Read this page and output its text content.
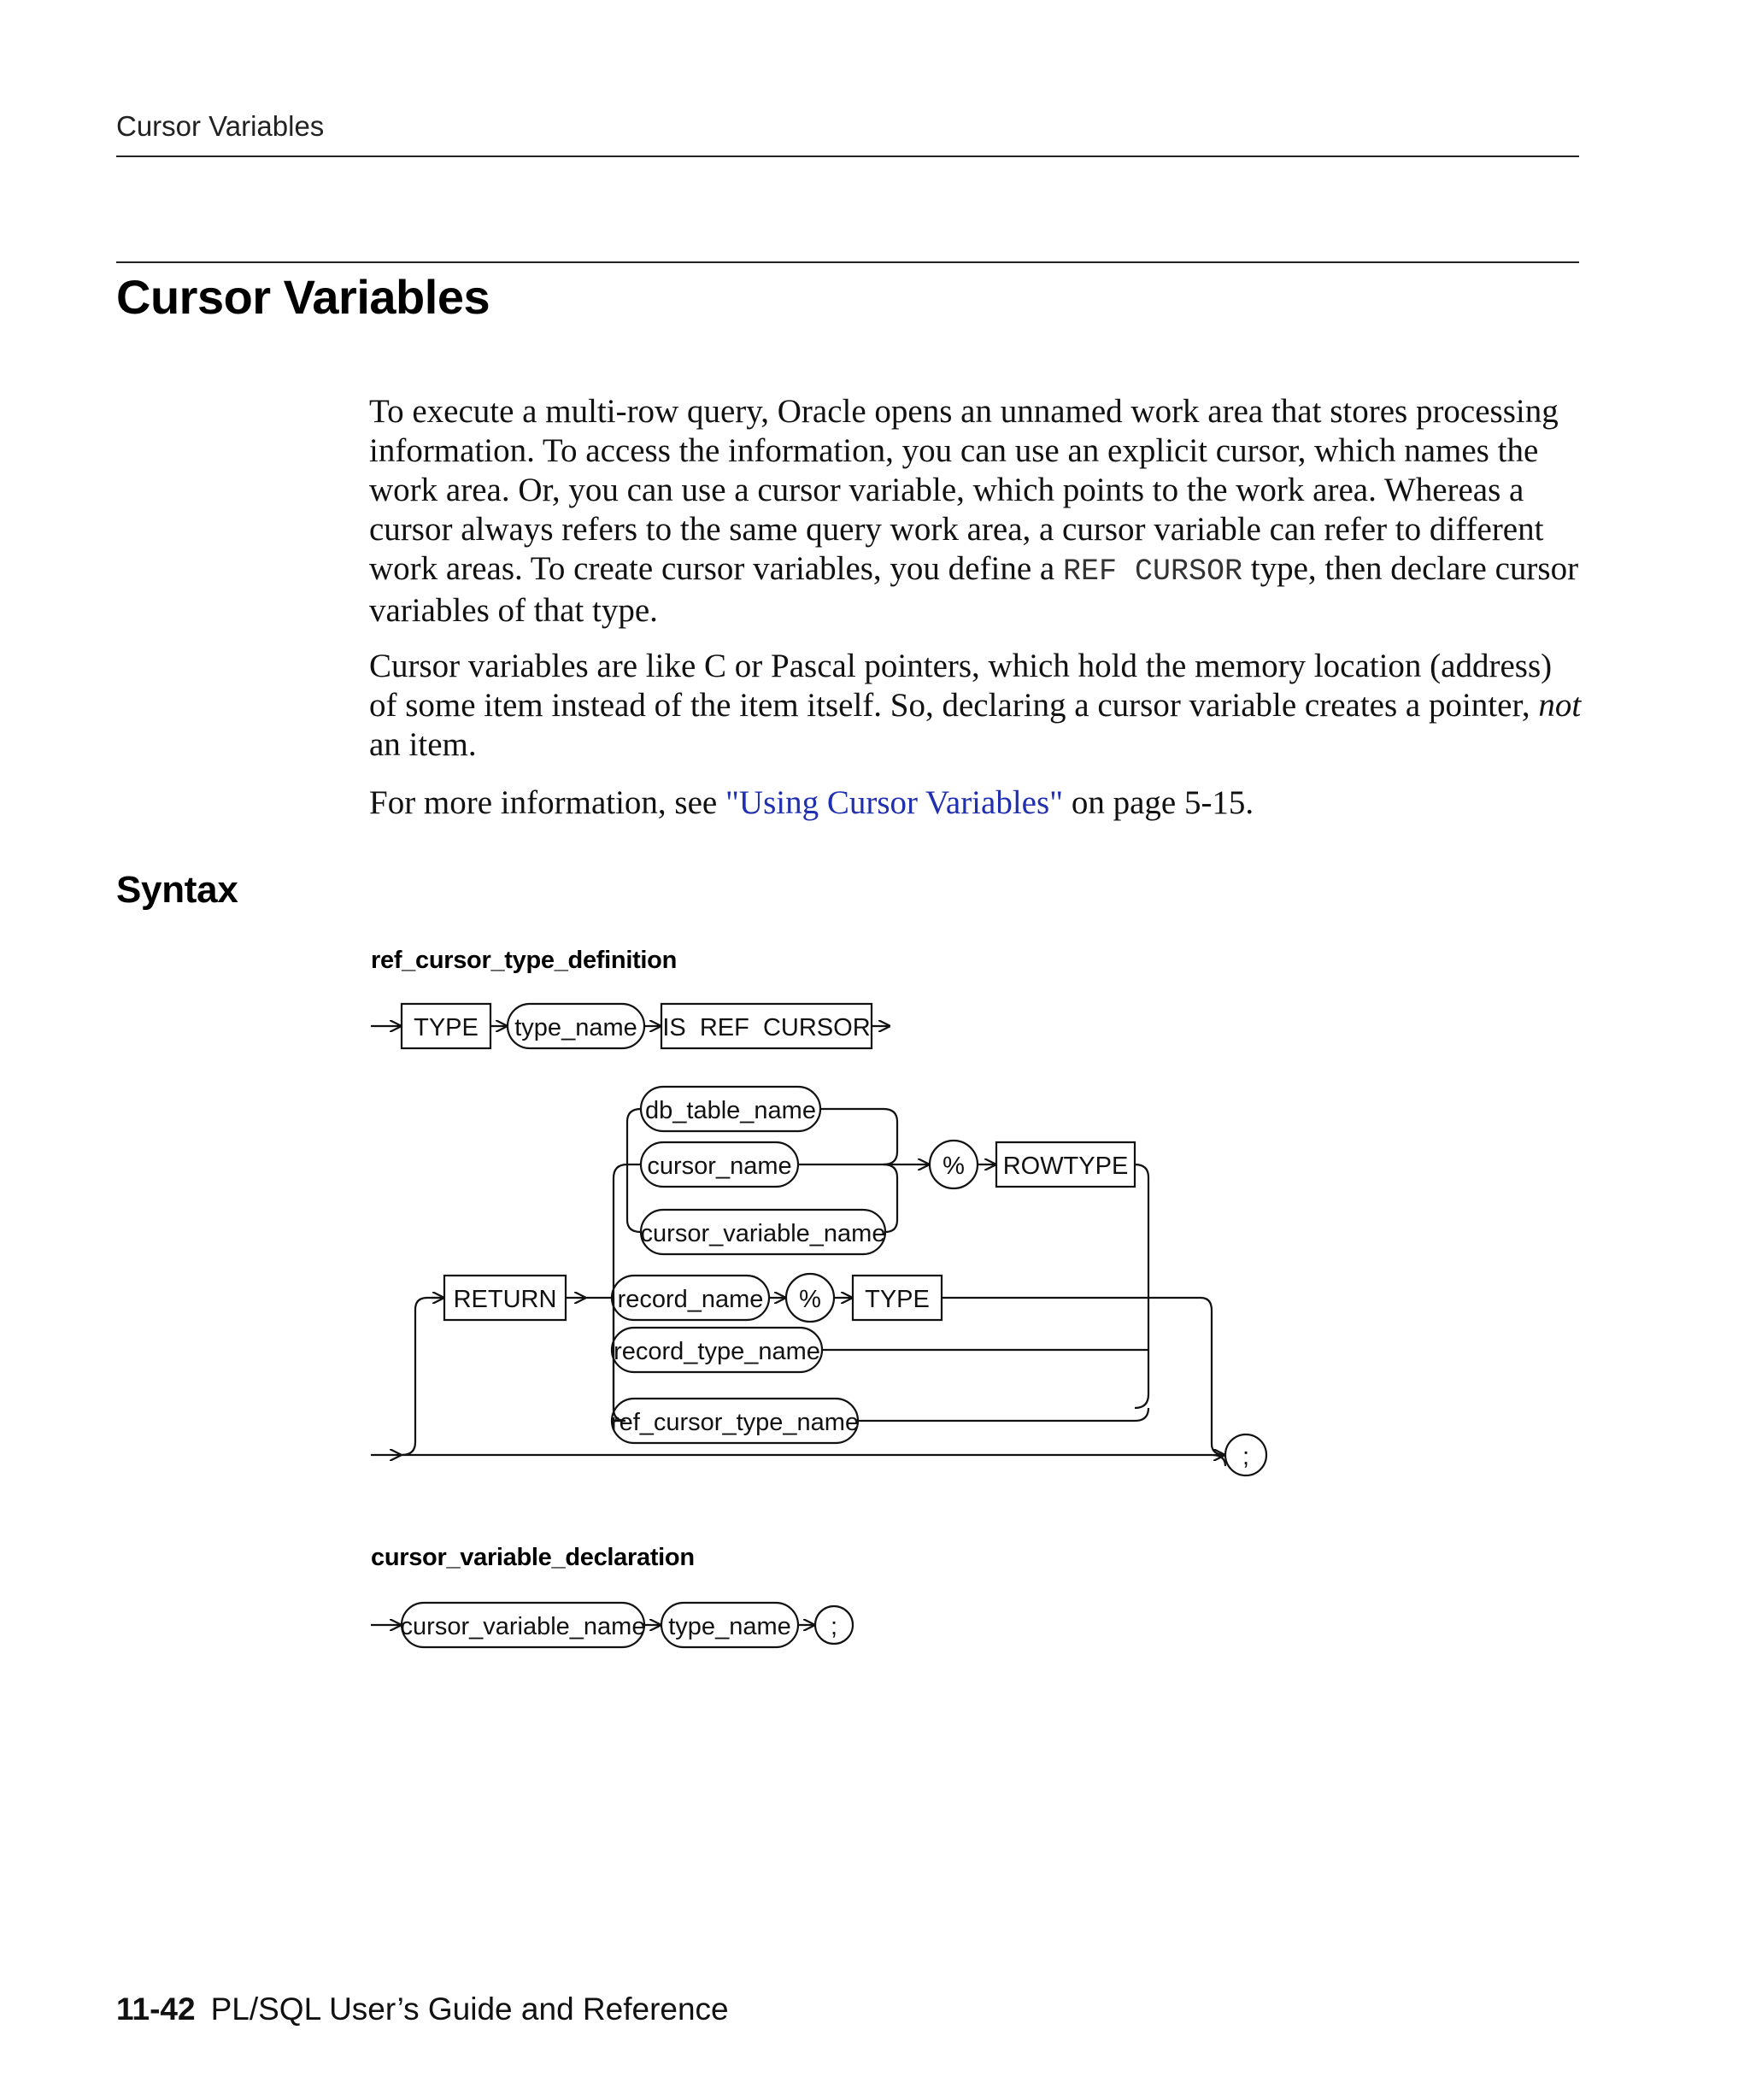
Cursor Variables
Cursor Variables

To execute a multi-row query, Oracle opens an unnamed work area that stores processing information. To access the information, you can use an explicit cursor, which names the work area. Or, you can use a cursor variable, which points to the work area. Whereas a cursor always refers to the same query work area, a cursor variable can refer to different work areas. To create cursor variables, you define a REF CURSOR type, then declare cursor variables of that type.

Cursor variables are like C or Pascal pointers, which hold the memory location (address) of some item instead of the item itself. So, declaring a cursor variable creates a pointer, not an item.

For more information, see "Using Cursor Variables" on page 5-15.

Syntax
ref_cursor_type_definition
cursor_variable_declaration
TYPE type_name IS  REF  CURSOR
db_table_name
cursor_name
cursor_variable_name
% ROWTYPE
RETURN record_name % TYPE
record_type_name
ref_cursor_type_name
;
cursor_variable_name type_name ;
11-42 PL/SQL User’s Guide and Reference
